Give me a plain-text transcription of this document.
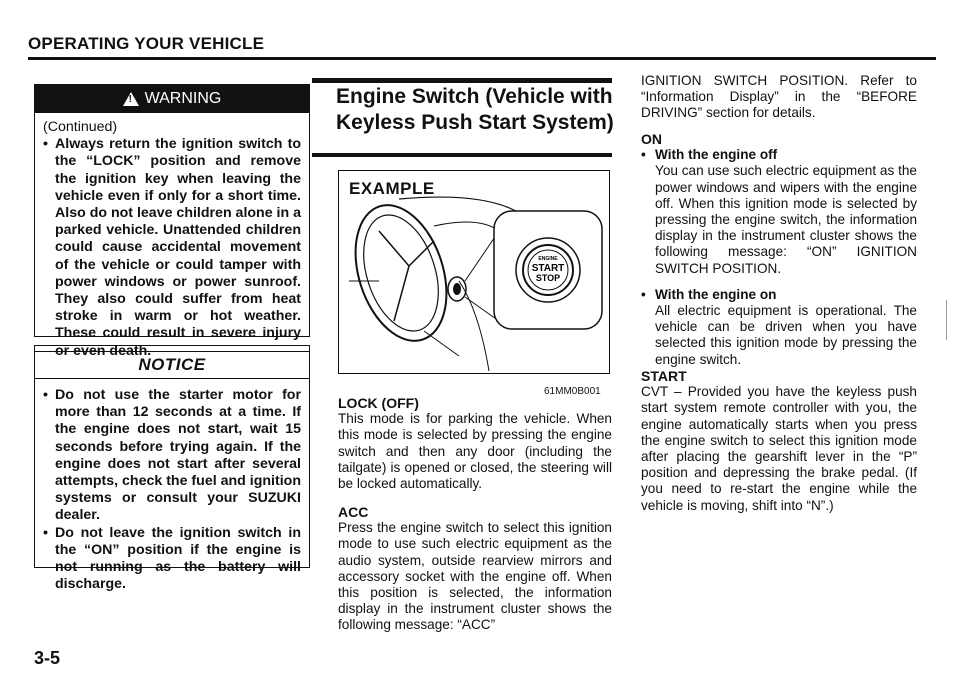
OPERATING YOUR VEHICLE
!
WARNING
(Continued)
• Always return the ignition switch to the “LOCK” position and remove the ignition key when leaving the vehicle even if only for a short time. Also do not leave children alone in a parked vehicle. Unattended children could cause accidental movement of the vehicle or could tamper with power windows or power sunroof. They also could suffer from heat stroke in warm or hot weather. These could result in severe injury or even death.
NOTICE
• Do not use the starter motor for more than 12 seconds at a time. If the engine does not start, wait 15 seconds before trying again. If the engine does not start after several attempts, check the fuel and ignition systems or consult your SUZUKI dealer.
• Do not leave the ignition switch in the “ON” position if the engine is not running as the battery will discharge.
3-5
Engine Switch (Vehicle with Keyless Push Start System)
ENGINE
START
STOP
EXAMPLE
61MM0B001
LOCK (OFF)
This mode is for parking the vehicle. When this mode is selected by pressing the engine switch and then any door (including the tailgate) is opened or closed, the steering will be locked automatically.
ACC
Press the engine switch to select this ignition mode to use such electric equipment as the audio system, outside rearview mirrors and accessory socket with the engine off. When this position is selected, the information display in the instrument cluster shows the following message: “ACC”
IGNITION SWITCH POSITION. Refer to “Information Display” in the “BEFORE DRIVING” section for details.
ON
• With the engine off
You can use such electric equipment as the power windows and wipers with the engine off. When this ignition mode is selected by pressing the engine switch, the information display in the instrument cluster shows the following message: “ON” IGNITION SWITCH POSITION.
• With the engine on
All electric equipment is operational. The vehicle can be driven when you have selected this ignition mode by pressing the engine switch.
START
CVT – Provided you have the keyless push start system remote controller with you, the engine automatically starts when you press the engine switch to select this ignition mode after placing the gearshift lever in the “P” position and depressing the brake pedal. (If you need to re-start the engine while the vehicle is moving, shift into “N”.)
